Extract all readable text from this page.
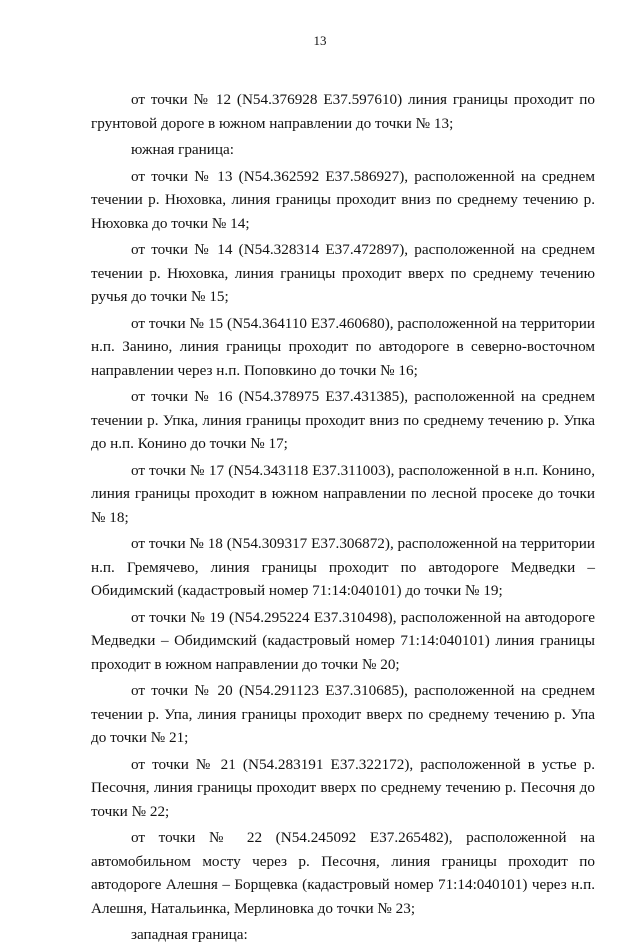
13

от точки № 12 (N54.376928 E37.597610) линия границы проходит по грунтовой дороге в южном направлении до точки № 13;

южная граница:

от точки № 13 (N54.362592 E37.586927), расположенной на среднем течении р. Нюховка, линия границы проходит вниз по среднему течению р. Нюховка до точки № 14;

от точки № 14 (N54.328314 E37.472897), расположенной на среднем течении р. Нюховка, линия границы проходит вверх по среднему течению ручья до точки № 15;

от точки № 15 (N54.364110 E37.460680), расположенной на территории н.п. Занино, линия границы проходит по автодороге в северно-восточном направлении через н.п. Поповкино до точки № 16;

от точки № 16 (N54.378975 E37.431385), расположенной на среднем течении р. Упка, линия границы проходит вниз по среднему течению р. Упка до н.п. Конино до точки № 17;

от точки № 17 (N54.343118 E37.311003), расположенной в н.п. Конино, линия границы проходит в южном направлении по лесной просеке до точки № 18;

от точки № 18 (N54.309317 E37.306872), расположенной на территории н.п. Гремячево, линия границы проходит по автодороге Медведки – Обидимский (кадастровый номер 71:14:040101) до точки № 19;

от точки № 19 (N54.295224 E37.310498), расположенной на автодороге Медведки – Обидимский (кадастровый номер 71:14:040101) линия границы проходит в южном направлении до точки № 20;

от точки № 20 (N54.291123 E37.310685), расположенной на среднем течении р. Упа, линия границы проходит вверх по среднему течению р. Упа до точки № 21;

от точки № 21 (N54.283191 E37.322172), расположенной в устье р. Песочня, линия границы проходит вверх по среднему течению р. Песочня до точки № 22;

от точки № 22 (N54.245092 E37.265482), расположенной на автомобильном мосту через р. Песочня, линия границы проходит по автодороге Алешня – Борщевка (кадастровый номер 71:14:040101) через н.п. Алешня, Натальинка, Мерлиновка до точки № 23;

западная граница:
